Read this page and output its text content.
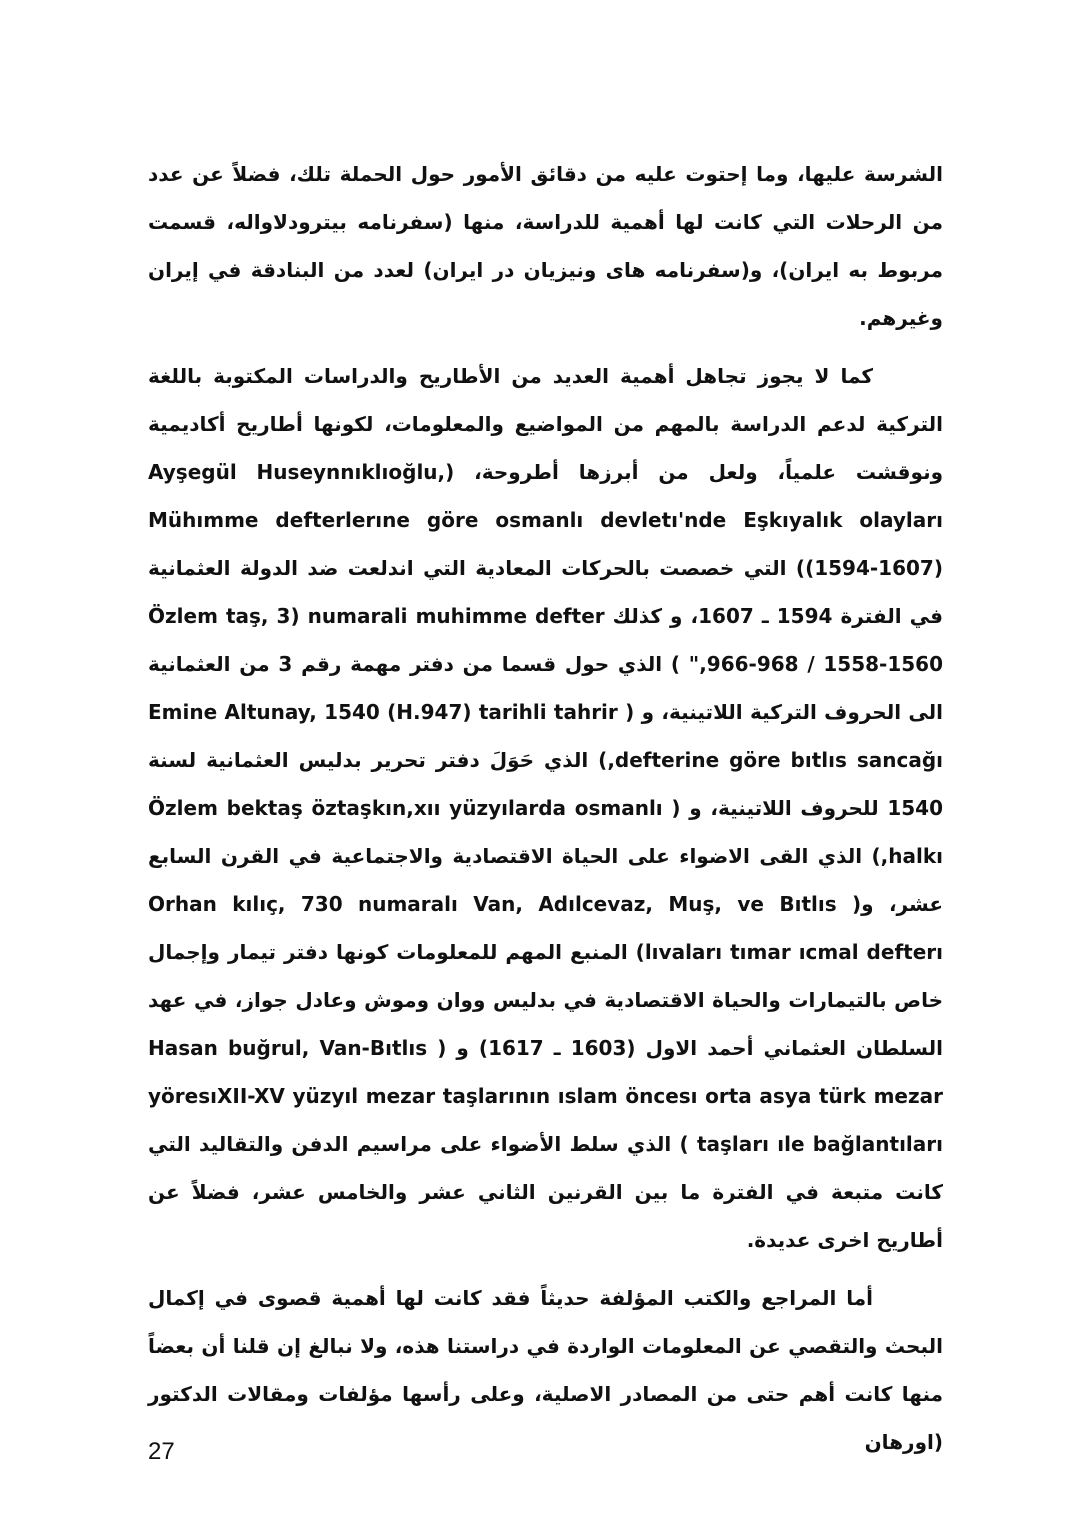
الشرسة عليها، وما إحتوت عليه من دقائق الأمور حول الحملة تلك، فضلاً عن عدد من الرحلات التي كانت لها أهمية للدراسة، منها (سفرنامه بيترودلاواله، قسمت مربوط به ايران)، و(سفرنامه هاى ونيزيان در ايران) لعدد من البنادقة في إيران وغيرهم.

كما لا يجوز تجاهل أهمية العديد من الأطاريح والدراسات المكتوبة باللغة التركية لدعم الدراسة بالمهم من المواضيع والمعلومات، لكونها أطاريح أكاديمية ونوقشت علمياً، ولعل من أبرزها أطروحة، (Ayşegül Huseynnıklıoğlu, Mühımme defterlerıne göre osmanlı devletı'nde Eşkıyalık olayları (1594-1607)) التي خصصت بالحركات المعادية التي اندلعت ضد الدولة العثمانية في الفترة 1594 ـ 1607، و كذلك Özlem taş, 3) numarali muhimme defter 966-968 / 1558-1560," ) الذي حول قسما من دفتر مهمة رقم 3 من العثمانية الى الحروف التركية اللاتينية، و ( Emine Altunay, 1540 (H.947) tarihli tahrir defterine göre bıtlıs sancağı,) الذي حَوَلَ دفتر تحرير بدليس العثمانية لسنة 1540 للحروف اللاتينية، و ( Özlem bektaş öztaşkın,xıı yüzyılarda osmanlı halkı,) الذي القى الاضواء على الحياة الاقتصادية والاجتماعية في القرن السابع عشر، و( Orhan kılıç, 730 numaralı Van, Adılcevaz, Muş, ve Bıtlıs lıvaları tımar ıcmal defterı) المنبع المهم للمعلومات كونها دفتر تيمار وإجمال خاص بالتيمارات والحياة الاقتصادية في بدليس ووان وموش وعادل جواز، في عهد السلطان العثماني أحمد الاول (1603 ـ 1617) و ( Hasan buğrul, Van-Bıtlıs yöresıXII-XV yüzyıl mezar taşlarının ıslam öncesı orta asya türk mezar taşları ıle bağlantıları ) الذي سلط الأضواء على مراسيم الدفن والتقاليد التي كانت متبعة في الفترة ما بين القرنين الثاني عشر والخامس عشر، فضلاً عن أطاريح اخرى عديدة.

أما المراجع والكتب المؤلفة حديثاً فقد كانت لها أهمية قصوى في إكمال البحث والتقصي عن المعلومات الواردة في دراستنا هذه، ولا نبالغ إن قلنا أن بعضاً منها كانت أهم حتى من المصادر الاصلية، وعلى رأسها مؤلفات ومقالات الدكتور (اورهان

27
